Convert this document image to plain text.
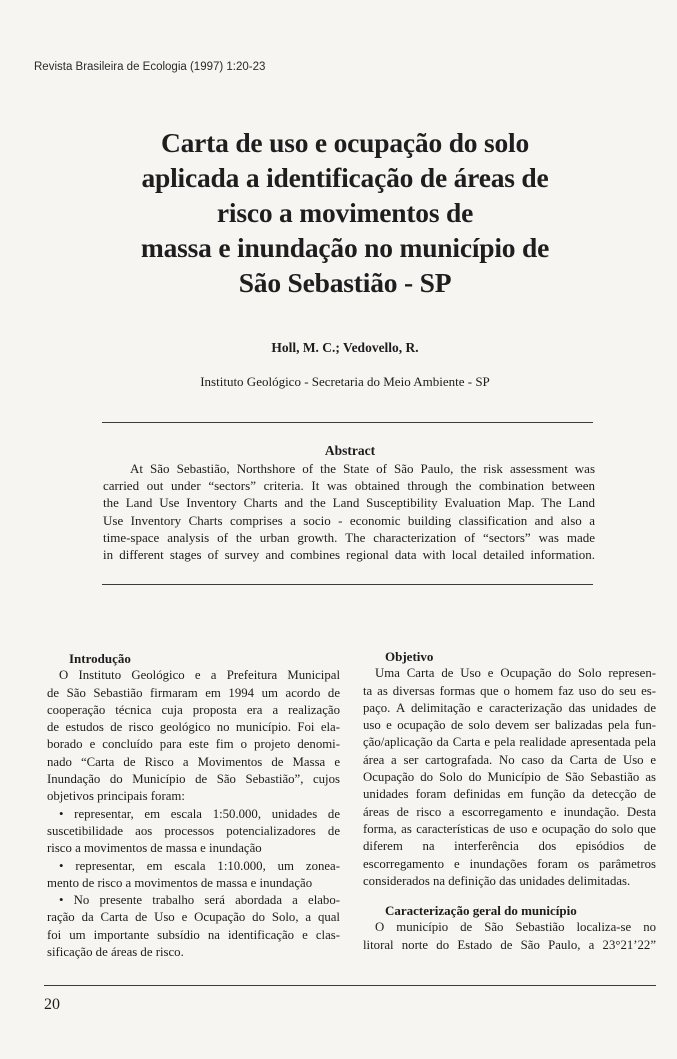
Revista Brasileira de Ecologia (1997) 1:20-23
Carta de uso e ocupação do solo
aplicada a identificação de áreas de
risco a movimentos de
massa e inundação no município de
São Sebastião - SP
Holl, M. C.; Vedovello, R.
Instituto Geológico - Secretaria do Meio Ambiente - SP
Abstract
At São Sebastião, Northshore of the State of São Paulo, the risk assessment was
carried out under “sectors” criteria. It was obtained through the combination between
the Land Use Inventory Charts and the Land Susceptibility Evaluation Map. The Land
Use Inventory Charts comprises a socio - economic building classification and also a
time-space analysis of the urban growth. The characterization of “sectors” was made
in different stages of survey and combines regional data with local detailed information.
Introdução
O Instituto Geológico e a Prefeitura Municipal
de São Sebastião firmaram em 1994 um acordo de
cooperação técnica cuja proposta era a realização
de estudos de risco geológico no município. Foi ela-
borado e concluído para este fim o projeto denomi-
nado “Carta de Risco a Movimentos de Massa e
Inundação do Município de São Sebastião”, cujos
objetivos principais foram:
• representar, em escala 1:50.000, unidades de
suscetibilidade aos processos potencializadores de
risco a movimentos de massa e inundação
• representar, em escala 1:10.000, um zonea-
mento de risco a movimentos de massa e inundação
• No presente trabalho será abordada a elabo-
ração da Carta de Uso e Ocupação do Solo, a qual
foi um importante subsídio na identificação e clas-
sificação de áreas de risco.
Objetivo
Uma Carta de Uso e Ocupação do Solo represen-
ta as diversas formas que o homem faz uso do seu es-
paço. A delimitação e caracterização das unidades de
uso e ocupação de solo devem ser balizadas pela fun-
ção/aplicação da Carta e pela realidade apresentada pela
área a ser cartografada. No caso da Carta de Uso e
Ocupação do Solo do Município de São Sebastião as
unidades foram definidas em função da detecção de
áreas de risco a escorregamento e inundação. Desta
forma, as características de uso e ocupação do solo que
diferem na interferência dos episódios de
escorregamento e inundações foram os parâmetros
considerados na definição das unidades delimitadas.
Caracterização geral do município
O município de São Sebastião localiza-se no
litoral norte do Estado de São Paulo, a 23°21’22”
20
